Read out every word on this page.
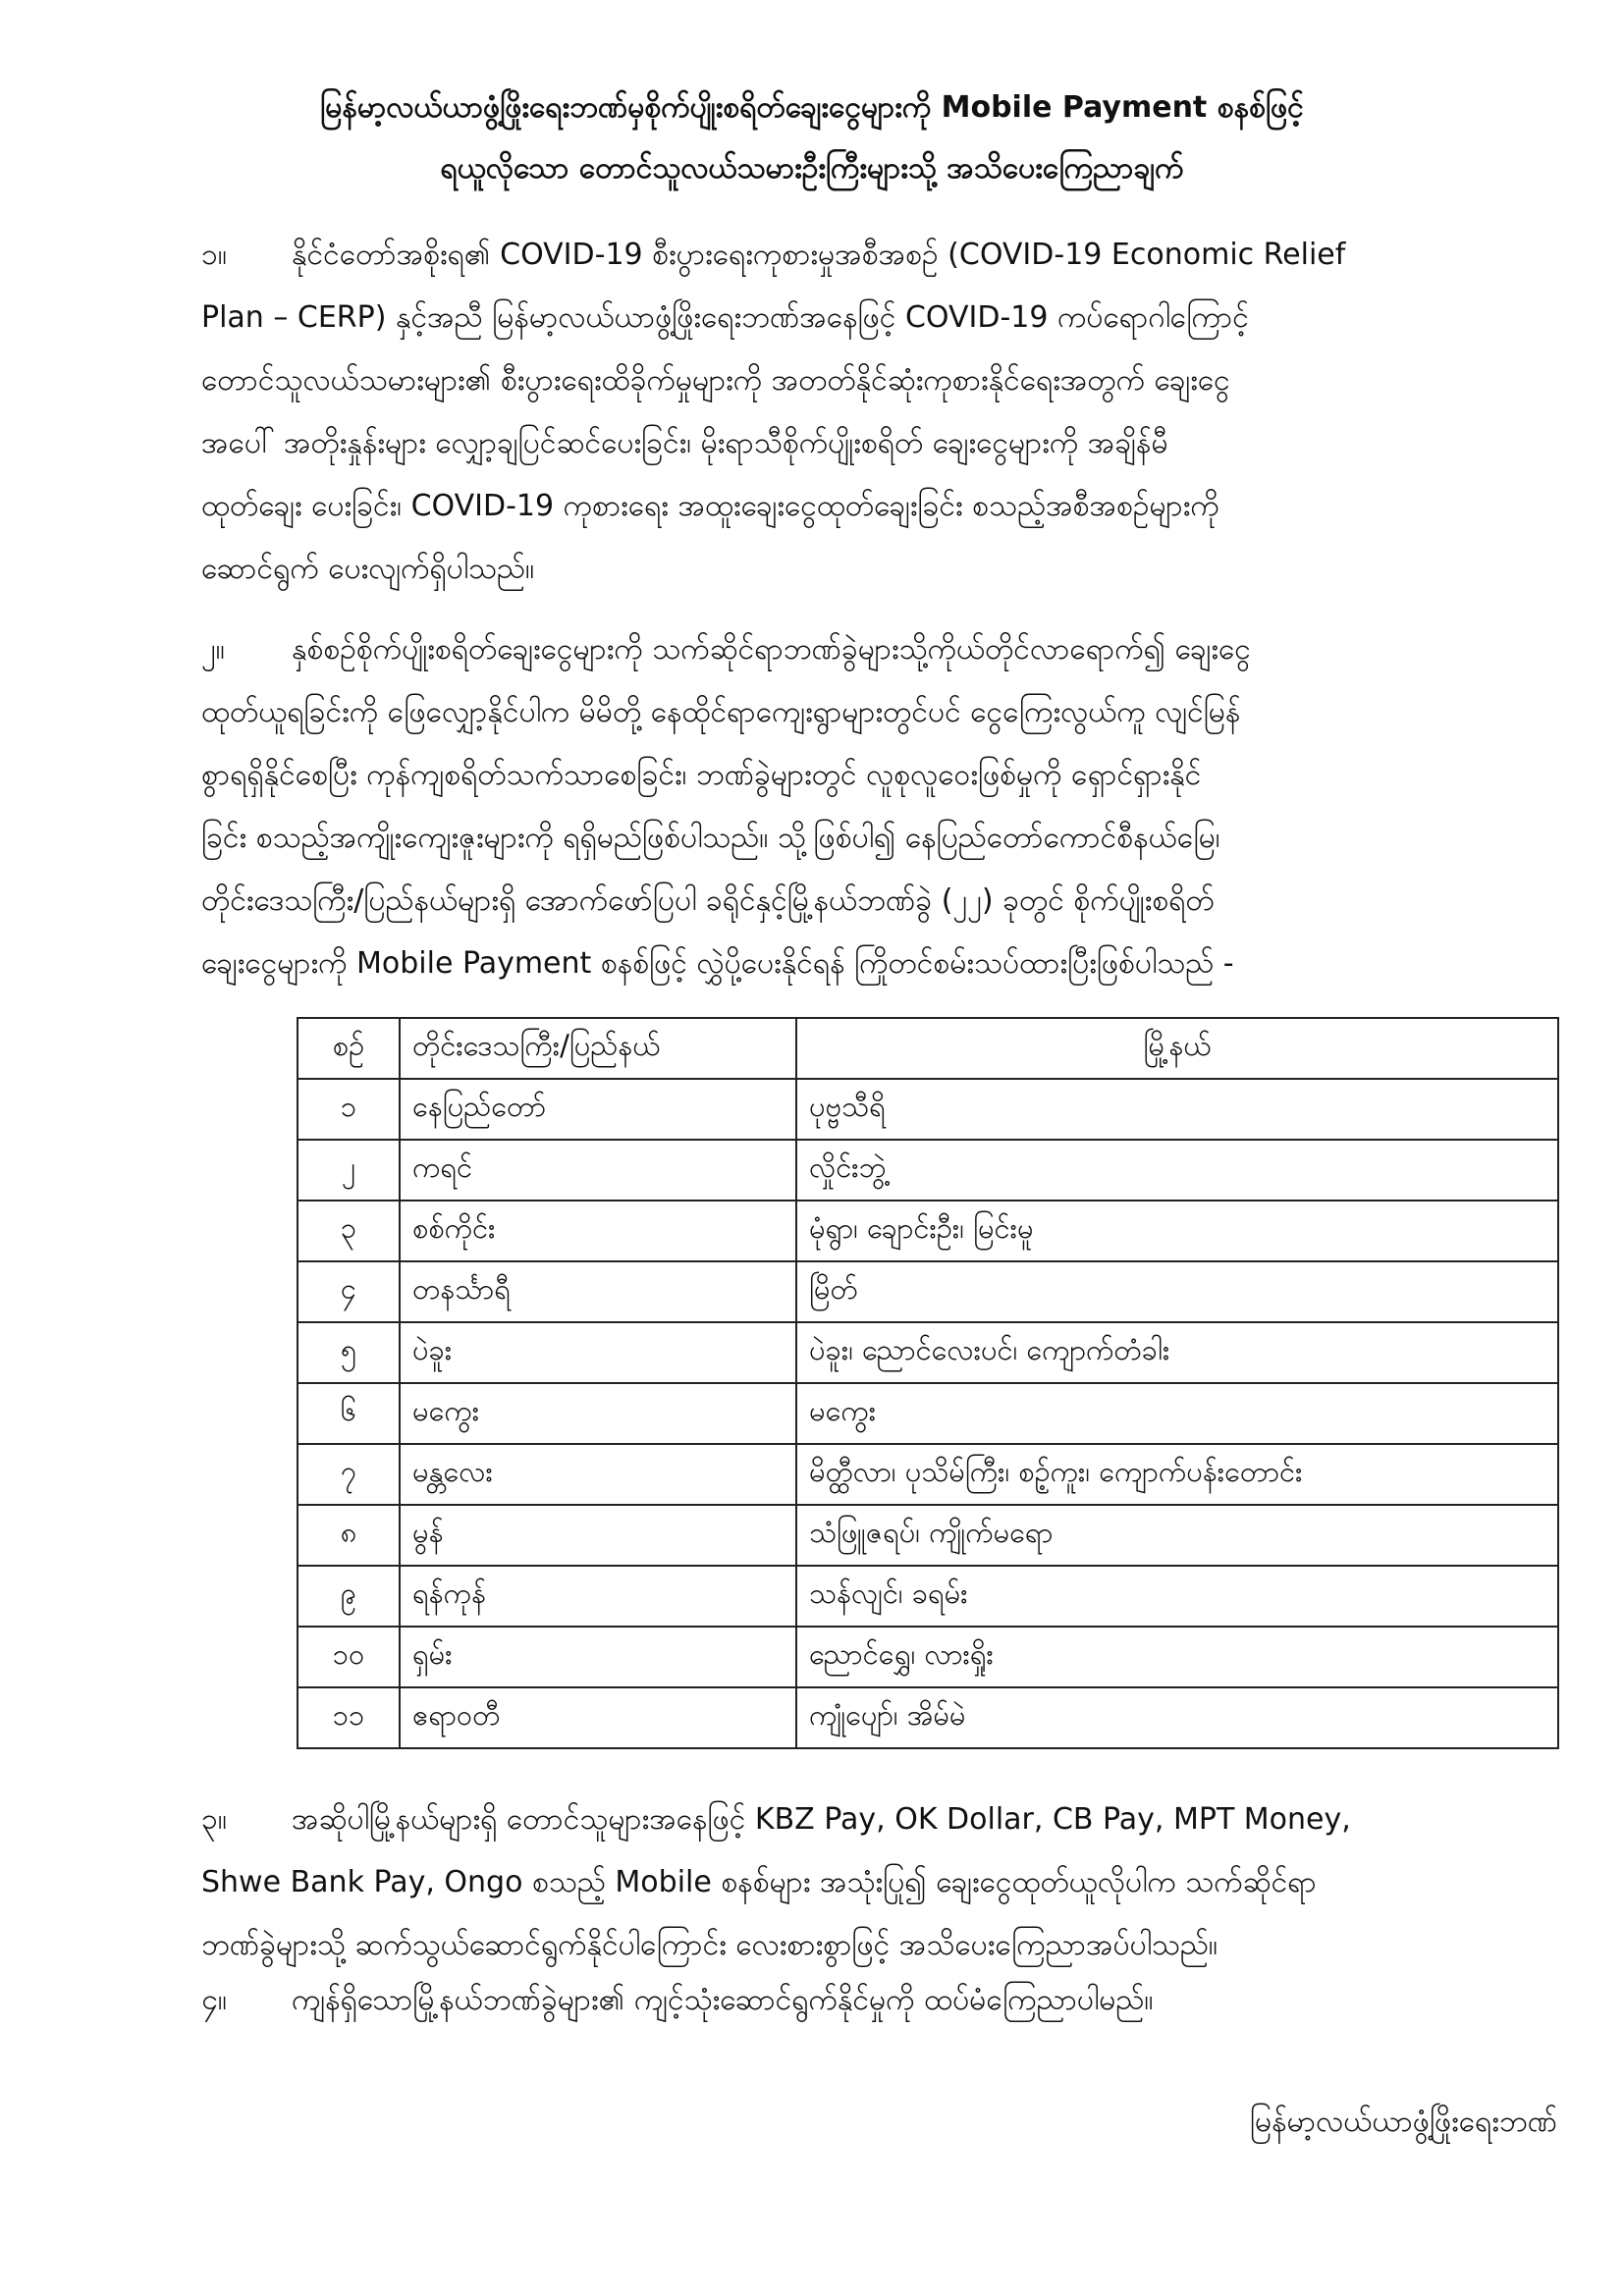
မြန်မာ့လယ်ယာဖွံ့ဖြိုးရေးဘဏ်မှစိုက်ပျိုးစရိတ်ချေးငွေများကို Mobile Payment စနစ်ဖြင့်
ရယူလိုသော တောင်သူလယ်သမားဦးကြီးများသို့ အသိပေးကြေညာချက်
၁။ နိုင်ငံတော်အစိုးရ၏ COVID-19 စီးပွားရေးကုစားမှုအစီအစဉ် (COVID-19 Economic Relief
Plan – CERP) နှင့်အညီ မြန်မာ့လယ်ယာဖွံ့ဖြိုးရေးဘဏ်အနေဖြင့် COVID-19 ကပ်ရောဂါကြောင့်
တောင်သူလယ်သမားများ၏ စီးပွားရေးထိခိုက်မှုများကို အတတ်နိုင်ဆုံးကုစားနိုင်ရေးအတွက် ချေးငွေ
အပေါ် အတိုးနှုန်းများ လျှော့ချပြင်ဆင်ပေးခြင်း၊ မိုးရာသီစိုက်ပျိုးစရိတ် ချေးငွေများကို အချိန်မီ
ထုတ်ချေး ပေးခြင်း၊ COVID-19 ကုစားရေး အထူးချေးငွေထုတ်ချေးခြင်း စသည့်အစီအစဉ်များကို
ဆောင်ရွက် ပေးလျက်ရှိပါသည်။
၂။ နှစ်စဉ်စိုက်ပျိုးစရိတ်ချေးငွေများကို သက်ဆိုင်ရာဘဏ်ခွဲများသို့ကိုယ်တိုင်လာရောက်၍ ချေးငွေ
ထုတ်ယူရခြင်းကို ဖြေလျှော့နိုင်ပါက မိမိတို့ နေထိုင်ရာကျေးရွာများတွင်ပင် ငွေကြေးလွယ်ကူ လျင်မြန်
စွာရရှိနိုင်စေပြီး ကုန်ကျစရိတ်သက်သာစေခြင်း၊ ဘဏ်ခွဲများတွင် လူစုလူဝေးဖြစ်မှုကို ရှောင်ရှားနိုင်
ခြင်း စသည့်အကျိုးကျေးဇူးများကို ရရှိမည်ဖြစ်ပါသည်။ သို့ဖြစ်ပါ၍ နေပြည်တော်ကောင်စီနယ်မြေ၊
တိုင်းဒေသကြီး/ပြည်နယ်များရှိ အောက်ဖော်ပြပါ ခရိုင်နှင့်မြို့နယ်ဘဏ်ခွဲ (၂၂) ခုတွင် စိုက်ပျိုးစရိတ်
ချေးငွေများကို Mobile Payment စနစ်ဖြင့် လွှဲပို့ပေးနိုင်ရန် ကြိုတင်စမ်းသပ်ထားပြီးဖြစ်ပါသည် -
စဉ်	တိုင်းဒေသကြီး/ပြည်နယ်	မြို့နယ်
၁	နေပြည်တော်	ပုဗ္ဗသီရိ
၂	ကရင်	လှိုင်းဘွဲ့
၃	စစ်ကိုင်း	မုံရွာ၊ ချောင်းဦး၊ မြင်းမူ
၄	တနင်္သာရီ	မြိတ်
၅	ပဲခူး	ပဲခူး၊ ညောင်လေးပင်၊ ကျောက်တံခါး
၆	မကွေး	မကွေး
၇	မန္တလေး	မိတ္ထီလာ၊ ပုသိမ်ကြီး၊ စဉ့်ကူး၊ ကျောက်ပန်းတောင်း
၈	မွန်	သံဖြူဇရပ်၊ ကျိုက်မရော
၉	ရန်ကုန်	သန်လျင်၊ ခရမ်း
၁၀	ရှမ်း	ညောင်ရွှေ၊ လားရှိုး
၁၁	ဧရာဝတီ	ကျုံပျော်၊ အိမ်မဲ
၃။ အဆိုပါမြို့နယ်များရှိ တောင်သူများအနေဖြင့် KBZ Pay, OK Dollar, CB Pay, MPT Money,
Shwe Bank Pay, Ongo စသည့် Mobile စနစ်များ အသုံးပြု၍ ချေးငွေထုတ်ယူလိုပါက သက်ဆိုင်ရာ
ဘဏ်ခွဲများသို့ ဆက်သွယ်ဆောင်ရွက်နိုင်ပါကြောင်း လေးစားစွာဖြင့် အသိပေးကြေညာအပ်ပါသည်။
၄။ ကျန်ရှိသောမြို့နယ်ဘဏ်ခွဲများ၏ ကျင့်သုံးဆောင်ရွက်နိုင်မှုကို ထပ်မံကြေညာပါမည်။
မြန်မာ့လယ်ယာဖွံ့ဖြိုးရေးဘဏ်
